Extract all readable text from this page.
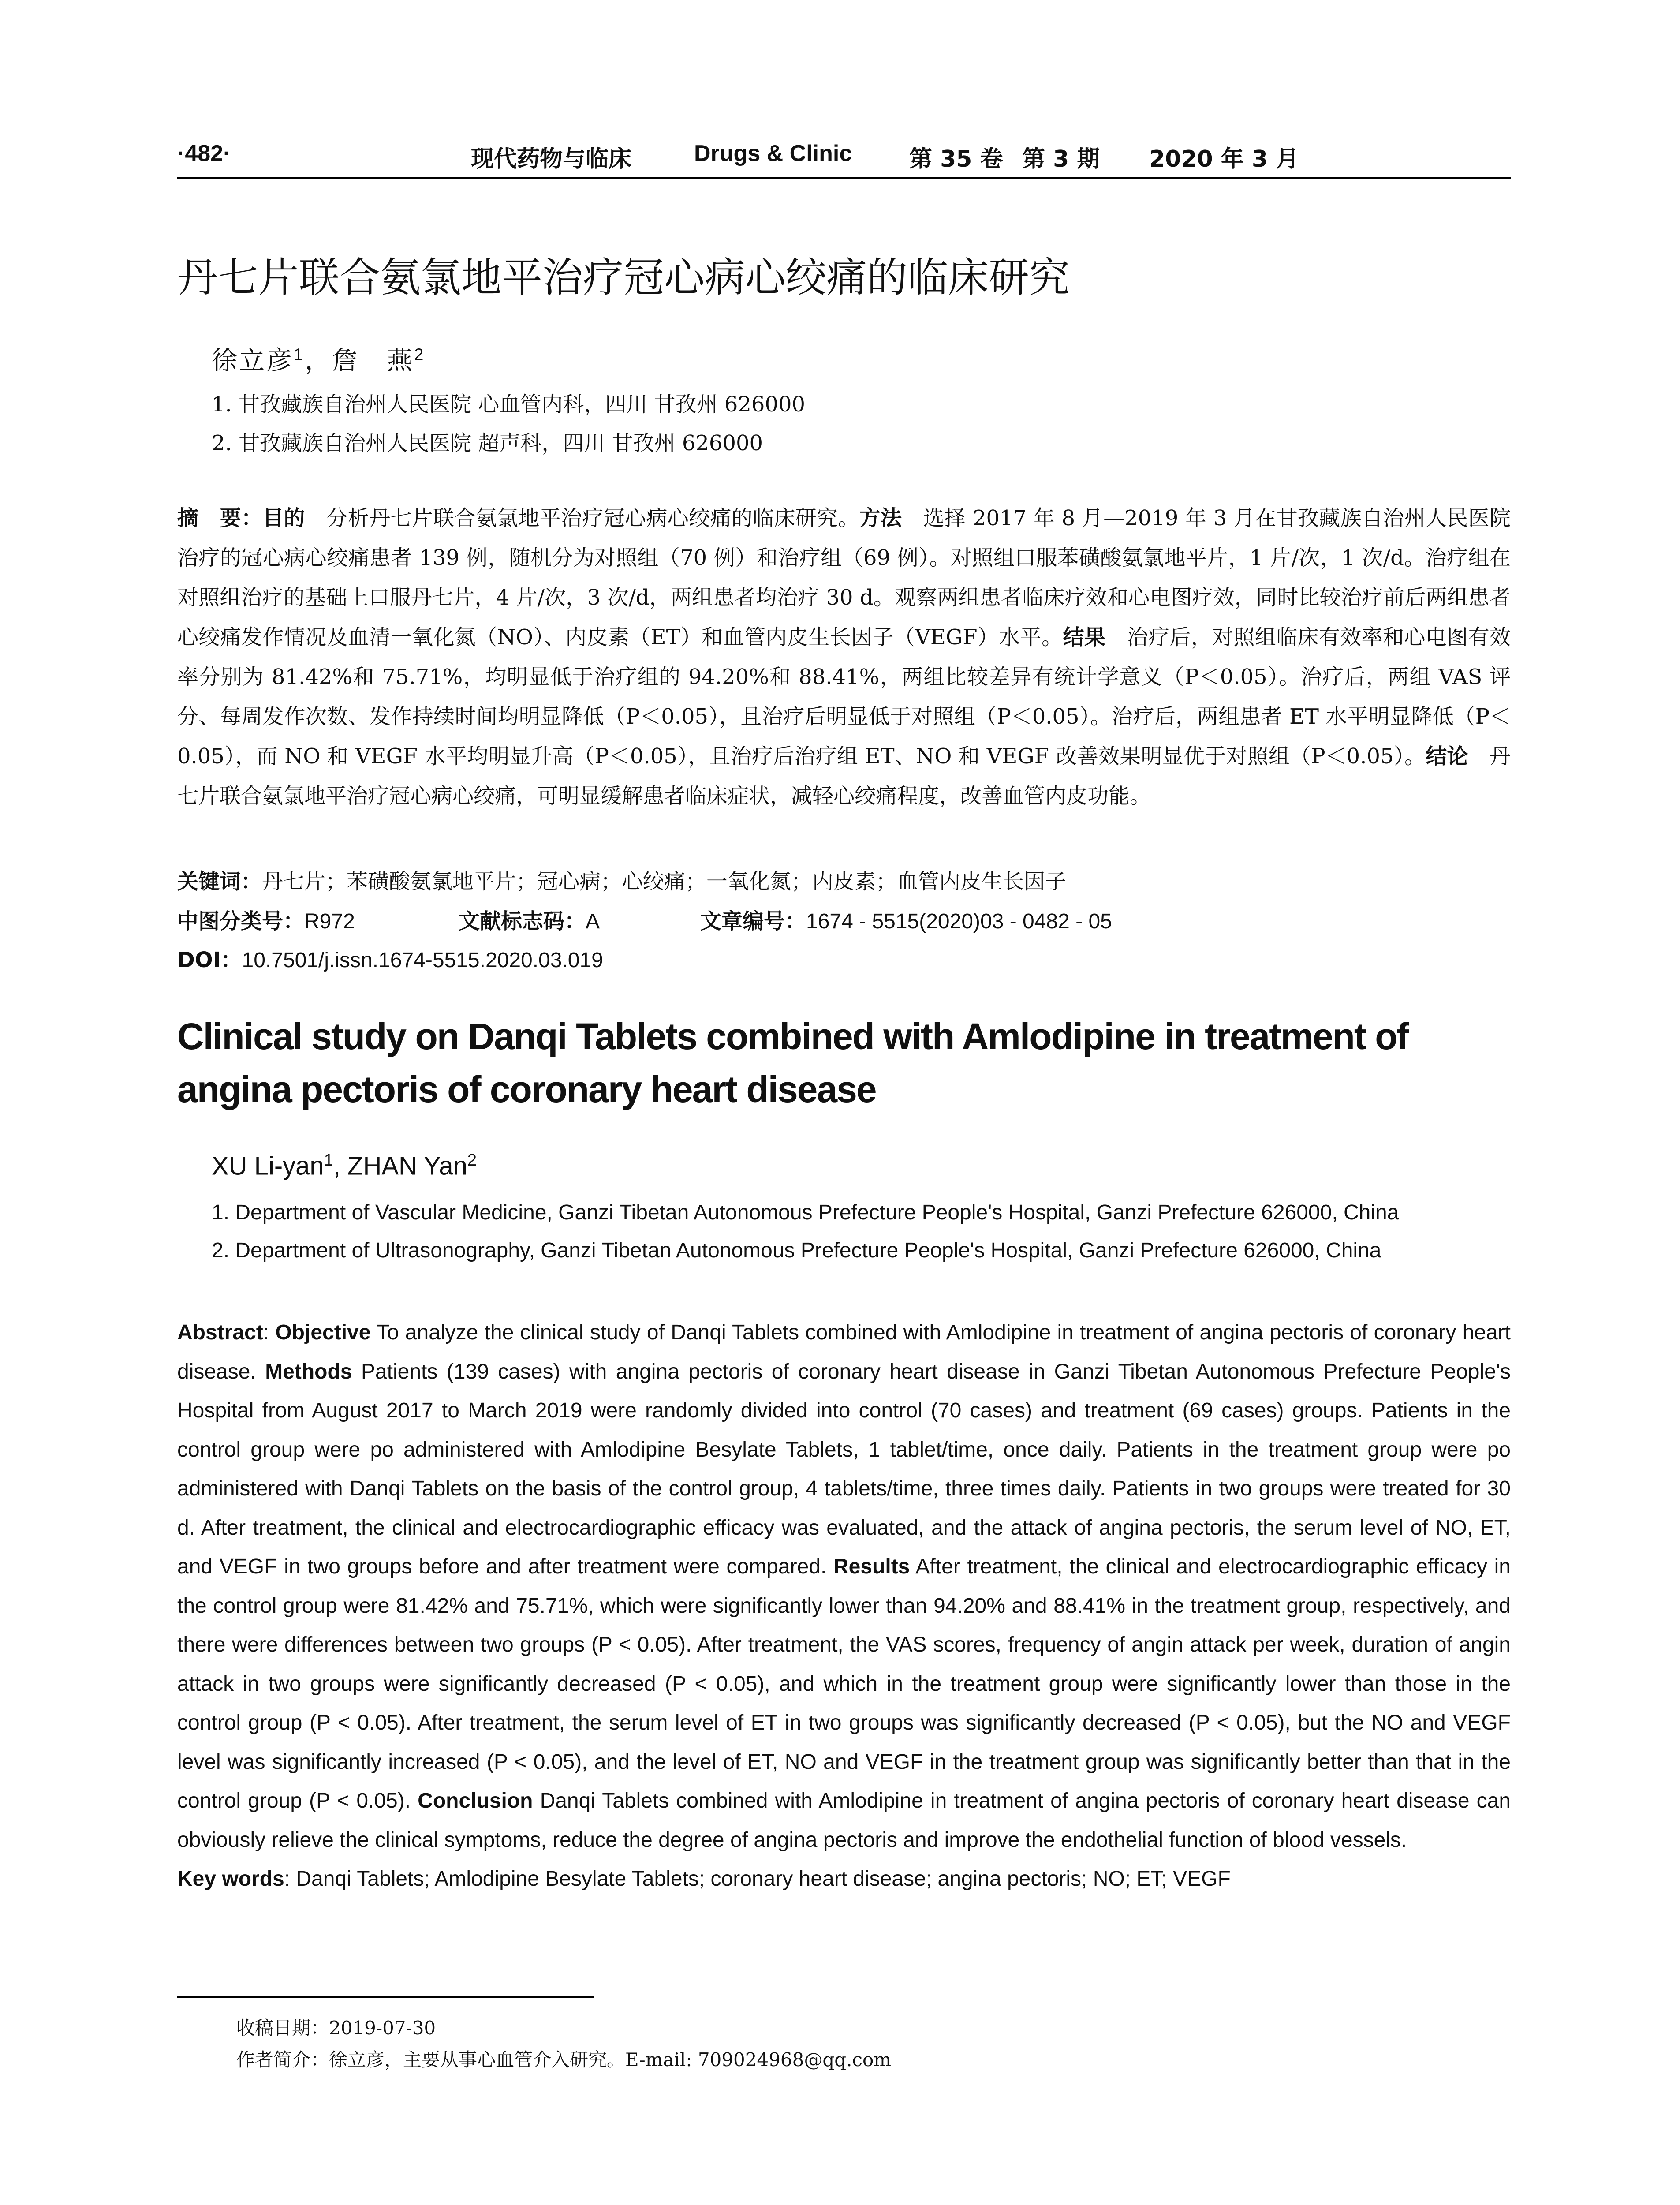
·482·	现代药物与临床	Drugs & Clinic 第 35 卷 第 3 期 2020 年 3 月
丹七片联合氨氯地平治疗冠心病心绞痛的临床研究
徐立彦$^1$，詹　燕$^2$
1. 甘孜藏族自治州人民医院 心血管内科，四川 甘孜州 626000
2. 甘孜藏族自治州人民医院 超声科，四川 甘孜州 626000

摘　要：目的　分析丹七片联合氨氯地平治疗冠心病心绞痛的临床研究。方法　选择 2017 年 8 月—2019 年 3 月在甘孜藏族自治州人民医院治疗的冠心病心绞痛患者 139 例，随机分为对照组（70 例）和治疗组（69 例）。对照组口服苯磺酸氨氯地平片，1 片/次，1 次/d。治疗组在对照组治疗的基础上口服丹七片，4 片/次，3 次/d，两组患者均治疗 30 d。观察两组患者临床疗效和心电图疗效，同时比较治疗前后两组患者心绞痛发作情况及血清一氧化氮（NO）、内皮素（ET）和血管内皮生长因子（VEGF）水平。结果　治疗后，对照组临床有效率和心电图有效率分别为 81.42%和 75.71%，均明显低于治疗组的 94.20%和 88.41%，两组比较差异有统计学意义（P＜0.05）。治疗后，两组 VAS 评分、每周发作次数、发作持续时间均明显降低（P＜0.05），且治疗后明显低于对照组（P＜0.05）。治疗后，两组患者 ET 水平明显降低（P＜0.05），而 NO 和 VEGF 水平均明显升高（P＜0.05），且治疗后治疗组 ET、NO 和 VEGF 改善效果明显优于对照组（P＜0.05）。结论　丹七片联合氨氯地平治疗冠心病心绞痛，可明显缓解患者临床症状，减轻心绞痛程度，改善血管内皮功能。

关键词：丹七片；苯磺酸氨氯地平片；冠心病；心绞痛；一氧化氮；内皮素；血管内皮生长因子
中图分类号：R972	文献标志码：A	文章编号：1674 - 5515(2020)03 - 0482 - 05
DOI：10.7501/j.issn.1674-5515.2020.03.019
Clinical study on Danqi Tablets combined with Amlodipine in treatment of angina pectoris of coronary heart disease
XU Li-yan$^1$, ZHAN Yan$^2$
1. Department of Vascular Medicine, Ganzi Tibetan Autonomous Prefecture People's Hospital, Ganzi Prefecture 626000, China
2. Department of Ultrasonography, Ganzi Tibetan Autonomous Prefecture People's Hospital, Ganzi Prefecture 626000, China

Abstract: Objective To analyze the clinical study of Danqi Tablets combined with Amlodipine in treatment of angina pectoris of coronary heart disease. Methods Patients (139 cases) with angina pectoris of coronary heart disease in Ganzi Tibetan Autonomous Prefecture People's Hospital from August 2017 to March 2019 were randomly divided into control (70 cases) and treatment (69 cases) groups. Patients in the control group were po administered with Amlodipine Besylate Tablets, 1 tablet/time, once daily. Patients in the treatment group were po administered with Danqi Tablets on the basis of the control group, 4 tablets/time, three times daily. Patients in two groups were treated for 30 d. After treatment, the clinical and electrocardiographic efficacy was evaluated, and the attack of angina pectoris, the serum level of NO, ET, and VEGF in two groups before and after treatment were compared. Results After treatment, the clinical and electrocardiographic efficacy in the control group were 81.42% and 75.71%, which were significantly lower than 94.20% and 88.41% in the treatment group, respectively, and there were differences between two groups (P < 0.05). After treatment, the VAS scores, frequency of angin attack per week, duration of angin attack in two groups were significantly decreased (P < 0.05), and which in the treatment group were significantly lower than those in the control group (P < 0.05). After treatment, the serum level of ET in two groups was significantly decreased (P < 0.05), but the NO and VEGF level was significantly increased (P < 0.05), and the level of ET, NO and VEGF in the treatment group was significantly better than that in the control group (P < 0.05). Conclusion Danqi Tablets combined with Amlodipine in treatment of angina pectoris of coronary heart disease can obviously relieve the clinical symptoms, reduce the degree of angina pectoris and improve the endothelial function of blood vessels.

Key words: Danqi Tablets; Amlodipine Besylate Tablets; coronary heart disease; angina pectoris; NO; ET; VEGF

收稿日期：2019-07-30
作者简介：徐立彦，主要从事心血管介入研究。E-mail: 709024968@qq.com
